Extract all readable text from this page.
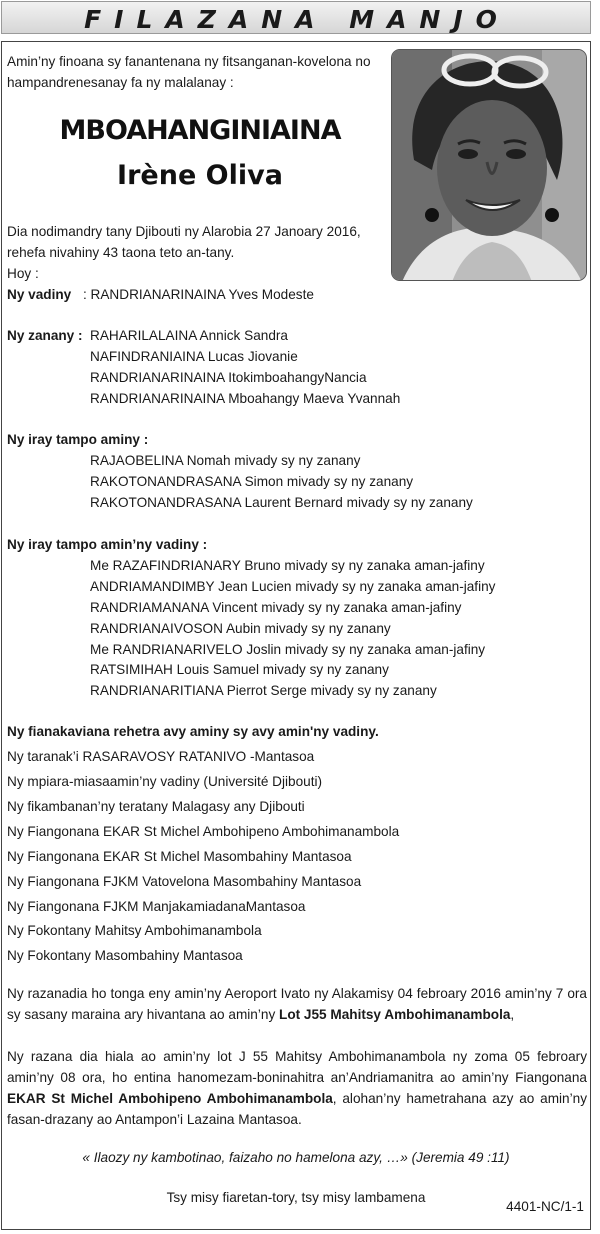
FILAZANA MANJO
Amin’ny finoana sy fanantenana ny fitsanganan-kovelona no
hampandrenesanay fa ny malalanay :
MBOAHANGINIAINA
Irène Oliva
Dia nodimandry tany Djibouti ny Alarobia 27 Janoary 2016,
rehefa nivahiny 43 taona teto an-tany.
Hoy :
Ny vadiny : RANDRIANARINAINA Yves Modeste
Ny zanany : RAHARILALAINA Annick Sandra
NAFINDRANIAINA Lucas Jiovanie
RANDRIANARINAINA ItokimboahangyNancia
RANDRIANARINAINA Mboahangy Maeva Yvannah
Ny iray tampo aminy :
RAJAOBELINA Nomah mivady sy ny zanany
RAKOTONANDRASANA Simon mivady sy ny zanany
RAKOTONANDRASANA Laurent Bernard mivady sy ny zanany
Ny iray tampo amin’ny vadiny :
Me RAZAFINDRIANARY Bruno mivady sy ny zanaka aman-jafiny
ANDRIAMANDIMBY Jean Lucien mivady sy ny zanaka aman-jafiny
RANDRIAMANANA Vincent mivady sy ny zanaka aman-jafiny
RANDRIANAIVOSON Aubin mivady sy ny zanany
Me RANDRIANARIVELO Joslin mivady sy ny zanaka aman-jafiny
RATSIMIHAH Louis Samuel mivady sy ny zanany
RANDRIANARITIANA Pierrot Serge mivady sy ny zanany
Ny fianakaviana rehetra avy aminy sy avy amin'ny vadiny.
Ny taranak’i RASARAVOSY RATANIVO -Mantasoa
Ny mpiara-miasaamin’ny vadiny (Université Djibouti)
Ny fikambanan’ny teratany Malagasy any Djibouti
Ny Fiangonana EKAR St Michel Ambohipeno Ambohimanambola
Ny Fiangonana EKAR St Michel Masombahiny Mantasoa
Ny Fiangonana FJKM Vatovelona Masombahiny Mantasoa
Ny Fiangonana FJKM ManjakamiadanaMantasoa
Ny Fokontany Mahitsy Ambohimanambola
Ny Fokontany Masombahiny Mantasoa
Ny razanadia ho tonga eny amin’ny Aeroport Ivato ny Alakamisy 04 febroary 2016 amin’ny 7 ora sy sasany maraina ary hivantana ao amin’ny Lot J55 Mahitsy Ambohimanambola,
Ny razana dia hiala ao amin’ny lot J 55 Mahitsy Ambohimanambola ny zoma 05 febroary amin’ny 08 ora, ho entina hanomezam-boninahitra an’Andriamanitra ao amin’ny Fiangonana EKAR St Michel Ambohipeno Ambohimanambola, alohan’ny hametrahana azy ao amin’ny fasan-drazany ao Antampon’i Lazaina Mantasoa.
« Ilaozy ny kambotinao, faizaho no hamelona azy, …» (Jeremia 49 :11)
Tsy misy fiaretan-tory, tsy misy lambamena
4401-NC/1-1
